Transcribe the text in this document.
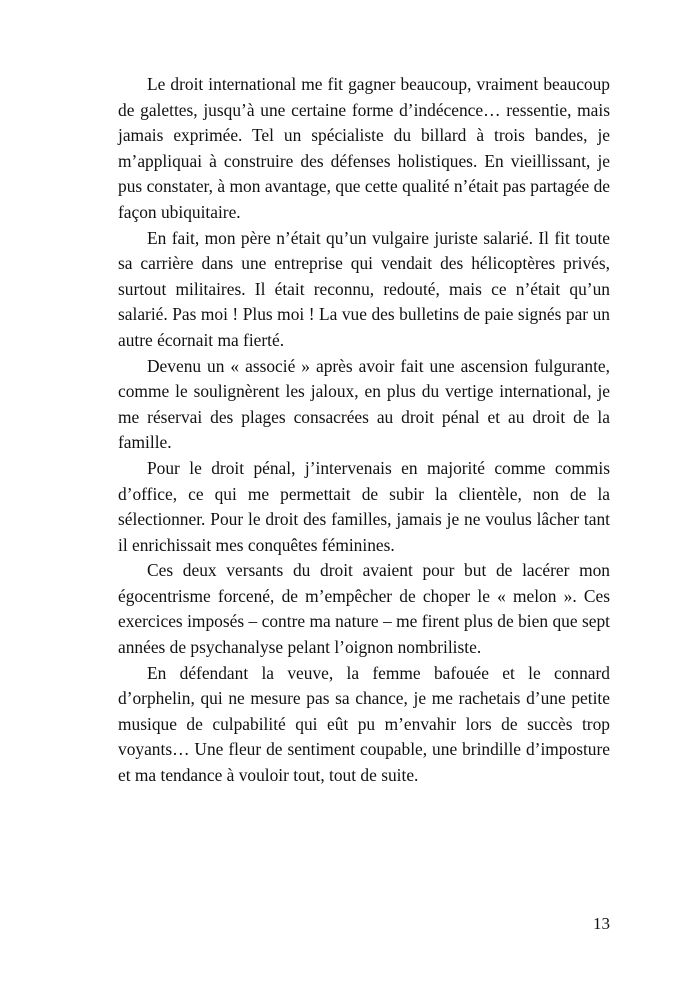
Le droit international me fit gagner beaucoup, vraiment beaucoup de galettes, jusqu’à une certaine forme d’indécence… ressentie, mais jamais exprimée. Tel un spécialiste du billard à trois bandes, je m’appliquai à construire des défenses holistiques. En vieillissant, je pus constater, à mon avantage, que cette qualité n’était pas partagée de façon ubiquitaire.

En fait, mon père n’était qu’un vulgaire juriste salarié. Il fit toute sa carrière dans une entreprise qui vendait des hélicoptères privés, surtout militaires. Il était reconnu, redouté, mais ce n’était qu’un salarié. Pas moi ! Plus moi ! La vue des bulletins de paie signés par un autre écornait ma fierté.

Devenu un « associé » après avoir fait une ascension fulgurante, comme le soulignèrent les jaloux, en plus du vertige international, je me réservai des plages consacrées au droit pénal et au droit de la famille.

Pour le droit pénal, j’intervenais en majorité comme commis d’office, ce qui me permettait de subir la clientèle, non de la sélectionner. Pour le droit des familles, jamais je ne voulus lâcher tant il enrichissait mes conquêtes féminines.

Ces deux versants du droit avaient pour but de lacérer mon égocentrisme forcené, de m’empêcher de choper le « melon ». Ces exercices imposés – contre ma nature – me firent plus de bien que sept années de psychanalyse pelant l’oignon nombriliste.

En défendant la veuve, la femme bafouée et le connard d’orphelin, qui ne mesure pas sa chance, je me rachetais d’une petite musique de culpabilité qui eût pu m’envahir lors de succès trop voyants… Une fleur de sentiment coupable, une brindille d’imposture et ma tendance à vouloir tout, tout de suite.

13
